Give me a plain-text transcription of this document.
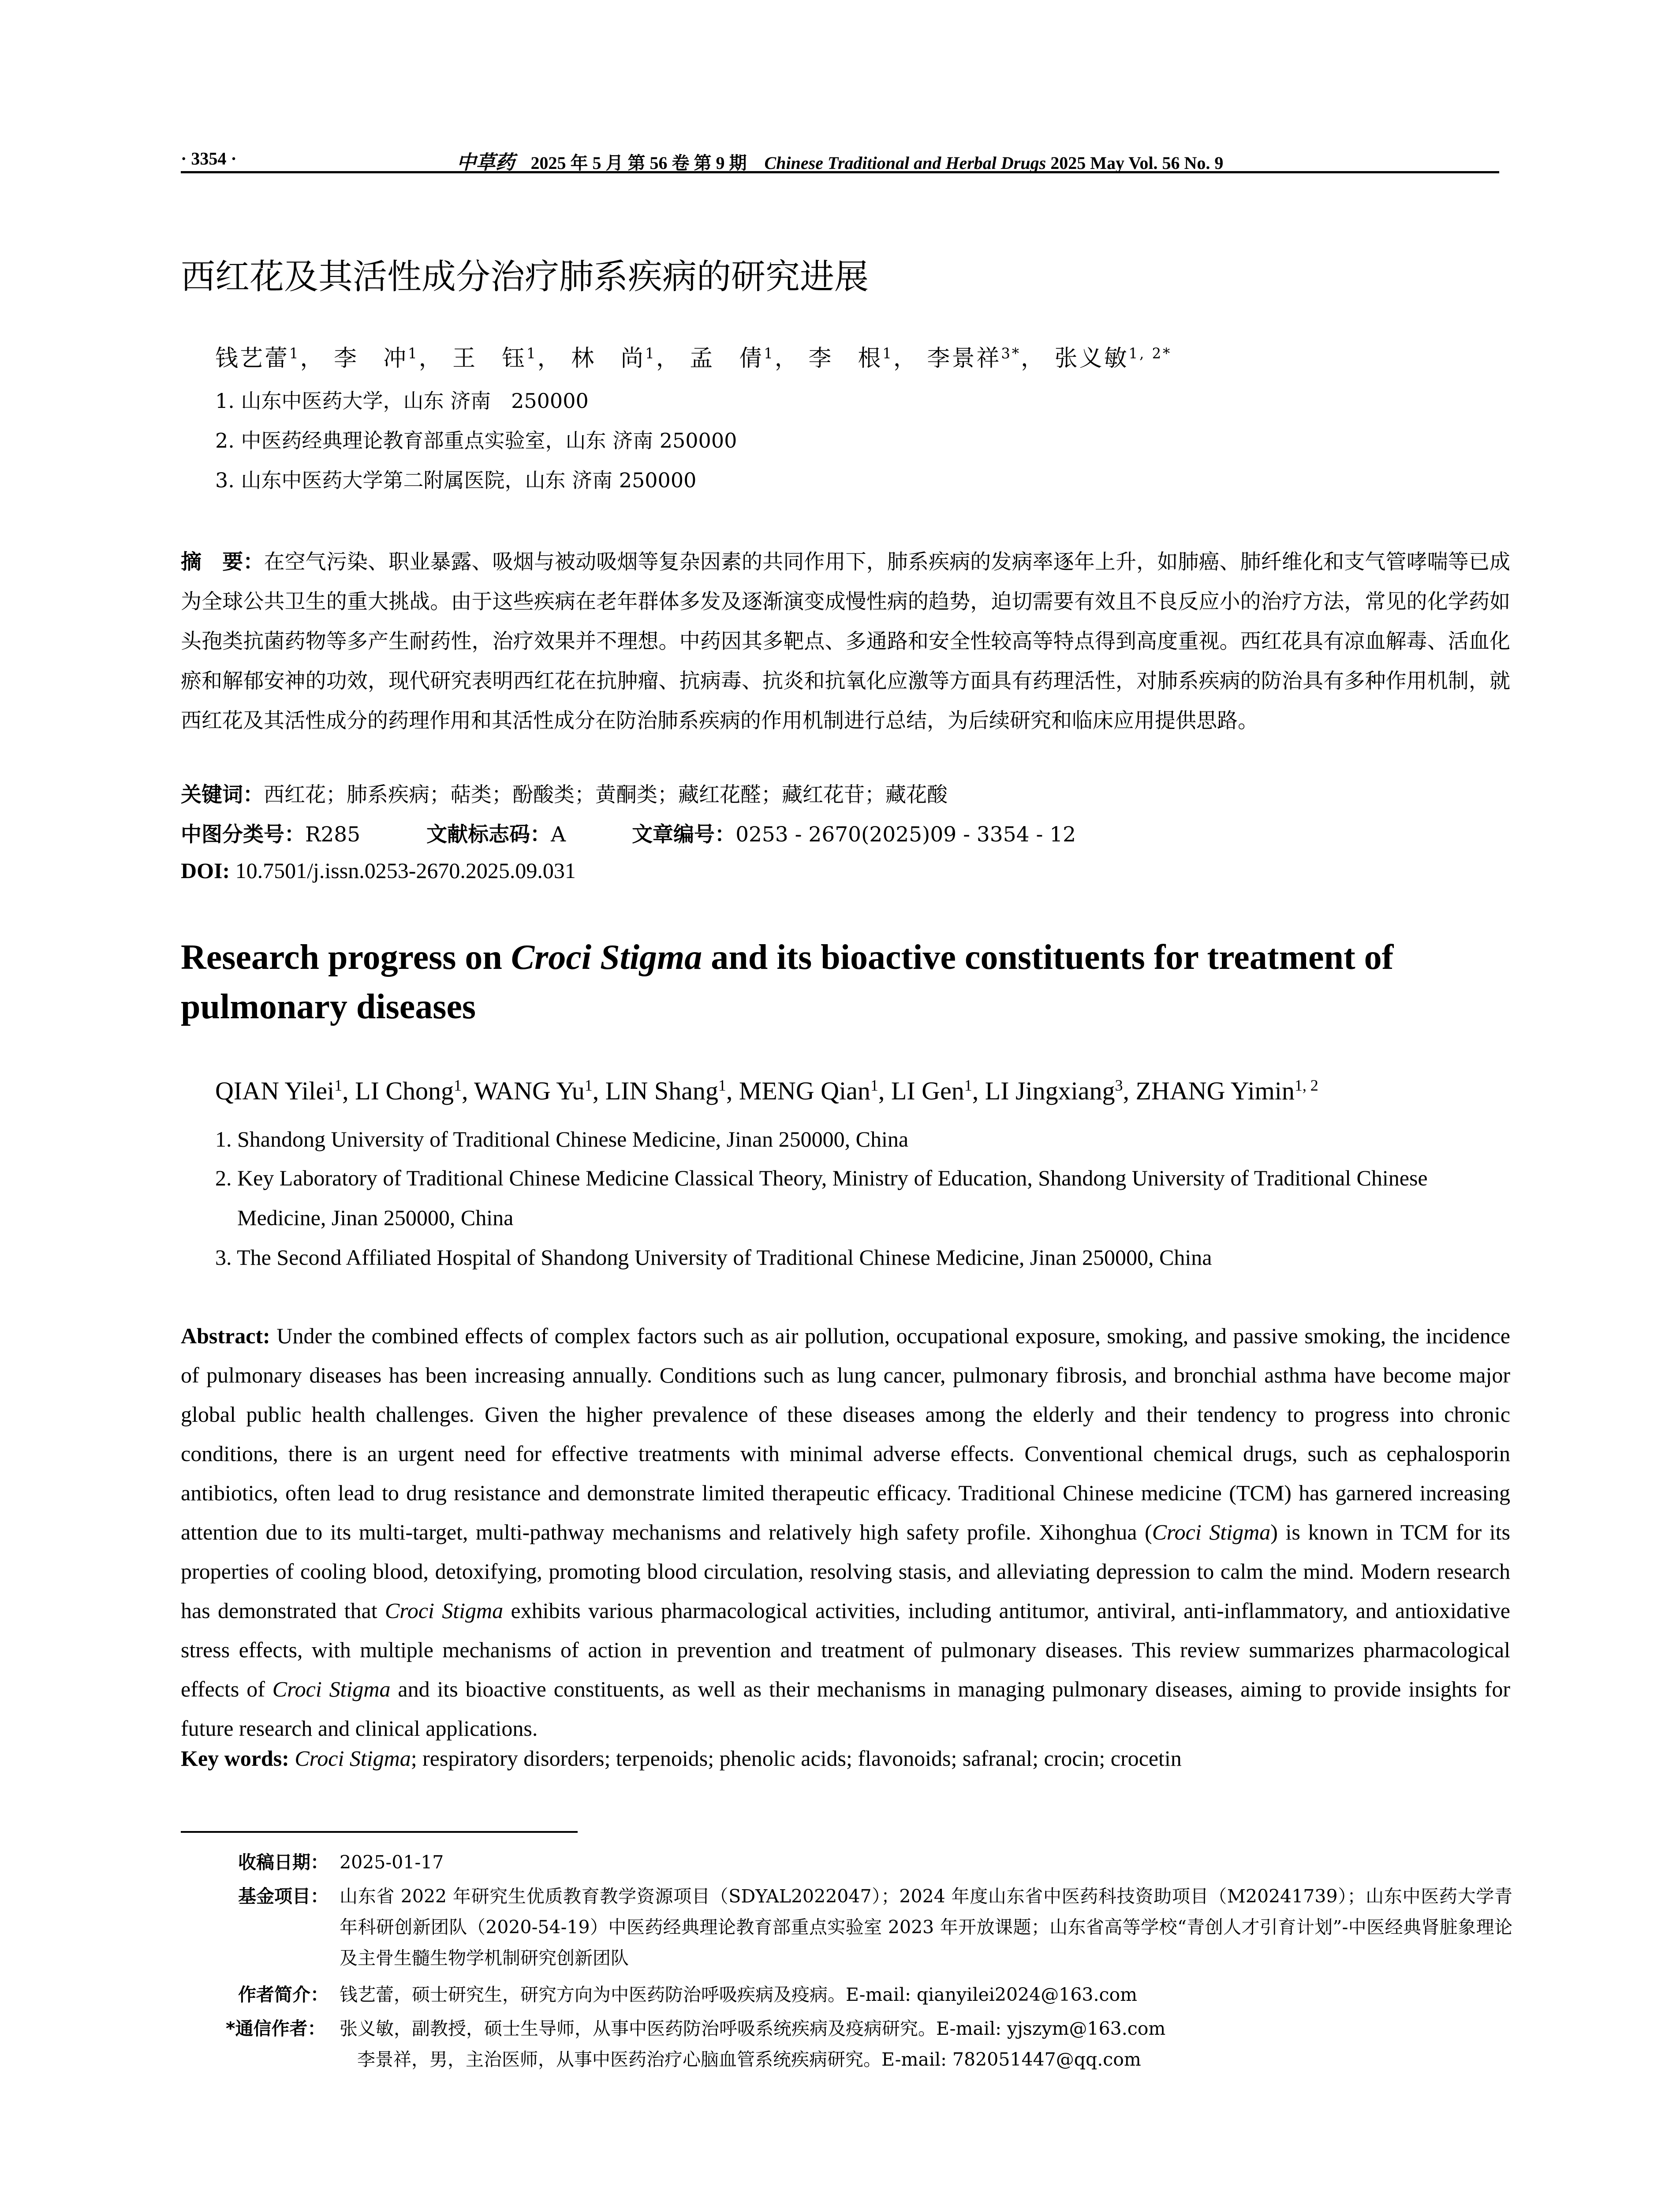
· 3354 ·	中草药 2025 年 5 月 第 56 卷 第 9 期 Chinese Traditional and Herbal Drugs 2025 May Vol. 56 No. 9
西红花及其活性成分治疗肺系疾病的研究进展
钱艺蕾$^1$， 李　冲$^1$， 王　钰$^1$， 林　尚$^1$， 孟　倩$^1$， 李　根$^1$， 李景祥$^{3*}$， 张义敏$^{1, 2*}$
1. 山东中医药大学，山东 济南　250000
2. 中医药经典理论教育部重点实验室，山东 济南 250000
3. 山东中医药大学第二附属医院，山东 济南 250000
摘　要：在空气污染、职业暴露、吸烟与被动吸烟等复杂因素的共同作用下，肺系疾病的发病率逐年上升，如肺癌、肺纤维化和支气管哮喘等已成为全球公共卫生的重大挑战。由于这些疾病在老年群体多发及逐渐演变成慢性病的趋势，迫切需要有效且不良反应小的治疗方法，常见的化学药如头孢类抗菌药物等多产生耐药性，治疗效果并不理想。中药因其多靶点、多通路和安全性较高等特点得到高度重视。西红花具有凉血解毒、活血化瘀和解郁安神的功效，现代研究表明西红花在抗肿瘤、抗病毒、抗炎和抗氧化应激等方面具有药理活性，对肺系疾病的防治具有多种作用机制，就西红花及其活性成分的药理作用和其活性成分在防治肺系疾病的作用机制进行总结，为后续研究和临床应用提供思路。
关键词：西红花；肺系疾病；萜类；酚酸类；黄酮类；藏红花醛；藏红花苷；藏花酸
中图分类号：R285	文献标志码：A	文章编号：0253 - 2670(2025)09 - 3354 - 12
DOI: 10.7501/j.issn.0253-2670.2025.09.031
Research progress on Croci Stigma and its bioactive constituents for treatment of pulmonary diseases
QIAN Yilei$^1$, LI Chong$^1$, WANG Yu$^1$, LIN Shang$^1$, MENG Qian$^1$, LI Gen$^1$, LI Jingxiang$^3$, ZHANG Yimin$^{1, 2}$
1. Shandong University of Traditional Chinese Medicine, Jinan 250000, China
2. Key Laboratory of Traditional Chinese Medicine Classical Theory, Ministry of Education, Shandong University of Traditional Chinese Medicine, Jinan 250000, China
3. The Second Affiliated Hospital of Shandong University of Traditional Chinese Medicine, Jinan 250000, China
Abstract: Under the combined effects of complex factors such as air pollution, occupational exposure, smoking, and passive smoking, the incidence of pulmonary diseases has been increasing annually. Conditions such as lung cancer, pulmonary fibrosis, and bronchial asthma have become major global public health challenges. Given the higher prevalence of these diseases among the elderly and their tendency to progress into chronic conditions, there is an urgent need for effective treatments with minimal adverse effects. Conventional chemical drugs, such as cephalosporin antibiotics, often lead to drug resistance and demonstrate limited therapeutic efficacy. Traditional Chinese medicine (TCM) has garnered increasing attention due to its multi-target, multi-pathway mechanisms and relatively high safety profile. Xihonghua (Croci Stigma) is known in TCM for its properties of cooling blood, detoxifying, promoting blood circulation, resolving stasis, and alleviating depression to calm the mind. Modern research has demonstrated that Croci Stigma exhibits various pharmacological activities, including antitumor, antiviral, anti-inflammatory, and antioxidative stress effects, with multiple mechanisms of action in prevention and treatment of pulmonary diseases. This review summarizes pharmacological effects of Croci Stigma and its bioactive constituents, as well as their mechanisms in managing pulmonary diseases, aiming to provide insights for future research and clinical applications.
Key words: Croci Stigma; respiratory disorders; terpenoids; phenolic acids; flavonoids; safranal; crocin; crocetin
收稿日期： 2025-01-17
基金项目： 山东省 2022 年研究生优质教育教学资源项目（SDYAL2022047）；2024 年度山东省中医药科技资助项目（M20241739）；山东中医药大学青年科研创新团队（2020-54-19）中医药经典理论教育部重点实验室 2023 年开放课题；山东省高等学校“青创人才引育计划”-中医经典肾脏象理论及主骨生髓生物学机制研究创新团队
作者简介： 钱艺蕾，硕士研究生，研究方向为中医药防治呼吸疾病及疫病。E-mail: qianyilei2024@163.com
*通信作者： 张义敏，副教授，硕士生导师，从事中医药防治呼吸系统疾病及疫病研究。E-mail: yjszym@163.com
李景祥，男，主治医师，从事中医药治疗心脑血管系统疾病研究。E-mail: 782051447@qq.com
